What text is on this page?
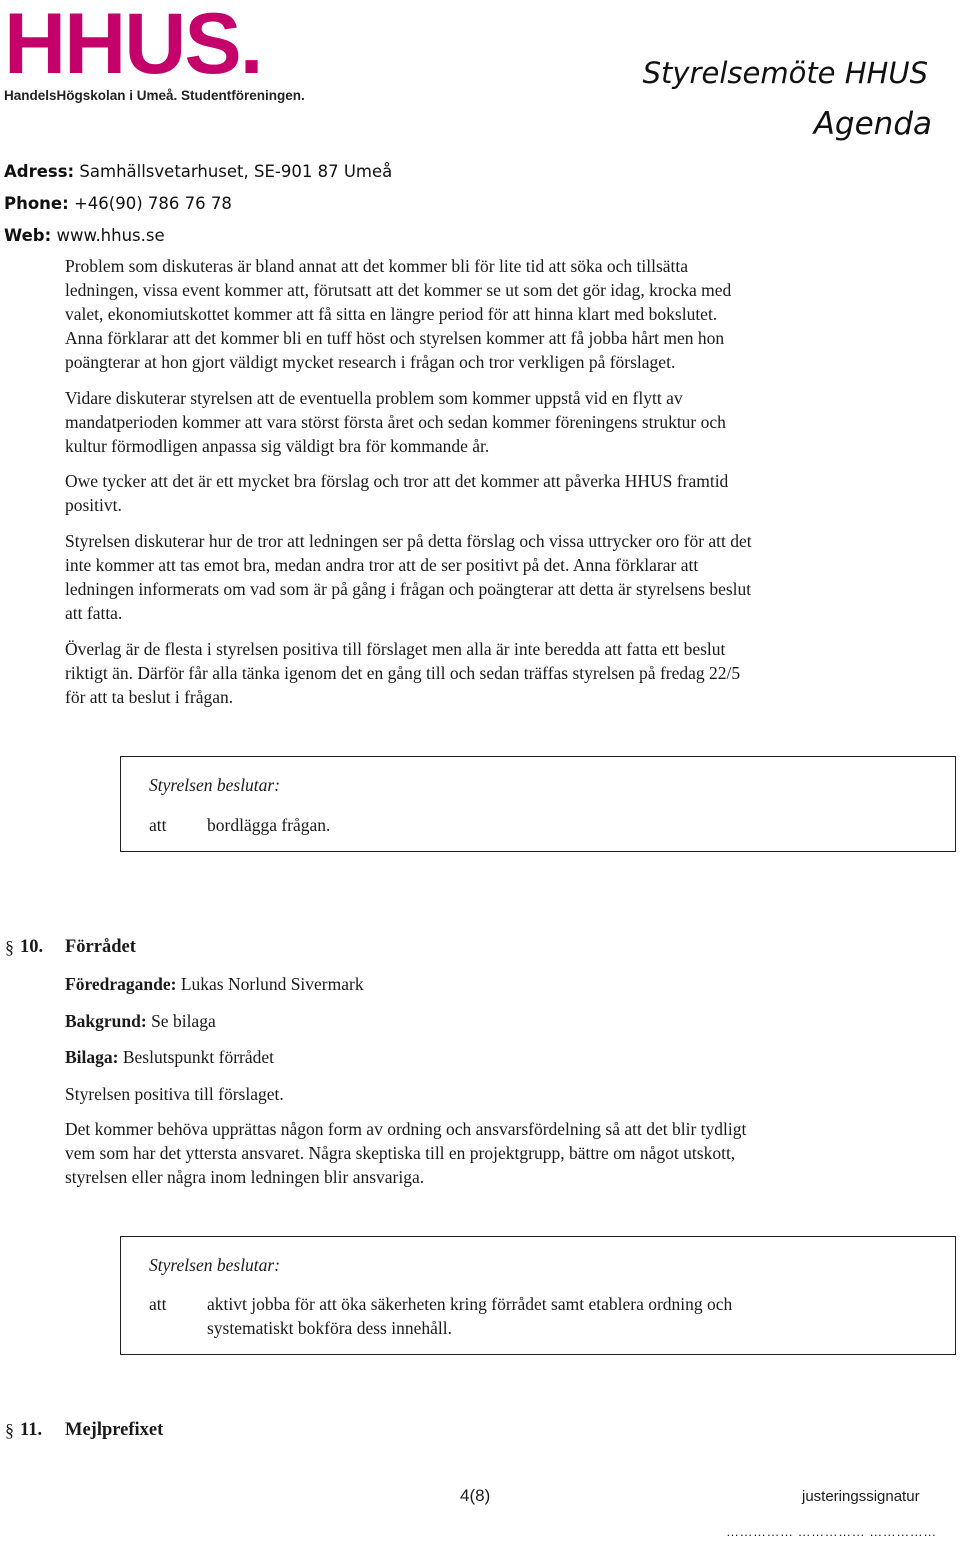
HHUS.
HandelsHögskolan i Umeå. Studentföreningen.
Styrelsemöte HHUS
Agenda
Adress: Samhällsvetarhuset, SE-901 87 Umeå
Phone: +46(90) 786 76 78
Web: www.hhus.se
Problem som diskuteras är bland annat att det kommer bli för lite tid att söka och tillsätta
ledningen, vissa event kommer att, förutsatt att det kommer se ut som det gör idag, krocka med
valet, ekonomiutskottet kommer att få sitta en längre period för att hinna klart med bokslutet.
Anna förklarar att det kommer bli en tuff höst och styrelsen kommer att få jobba hårt men hon
poängterar at hon gjort väldigt mycket research i frågan och tror verkligen på förslaget.
Vidare diskuterar styrelsen att de eventuella problem som kommer uppstå vid en flytt av
mandatperioden kommer att vara störst första året och sedan kommer föreningens struktur och
kultur förmodligen anpassa sig väldigt bra för kommande år.
Owe tycker att det är ett mycket bra förslag och tror att det kommer att påverka HHUS framtid
positivt.
Styrelsen diskuterar hur de tror att ledningen ser på detta förslag och vissa uttrycker oro för att det
inte kommer att tas emot bra, medan andra tror att de ser positivt på det. Anna förklarar att
ledningen informerats om vad som är på gång i frågan och poängterar att detta är styrelsens beslut
att fatta.
Överlag är de flesta i styrelsen positiva till förslaget men alla är inte beredda att fatta ett beslut
riktigt än. Därför får alla tänka igenom det en gång till och sedan träffas styrelsen på fredag 22/5
för att ta beslut i frågan.
Styrelsen beslutar:
att bordlägga frågan.
§ 10. Förrådet
Föredragande: Lukas Norlund Sivermark
Bakgrund: Se bilaga
Bilaga: Beslutspunkt förrådet
Styrelsen positiva till förslaget.
Det kommer behöva upprättas någon form av ordning och ansvarsfördelning så att det blir tydligt
vem som har det yttersta ansvaret. Några skeptiska till en projektgrupp, bättre om något utskott,
styrelsen eller några inom ledningen blir ansvariga.
Styrelsen beslutar:
att aktivt jobba för att öka säkerheten kring förrådet samt etablera ordning och
systematiskt bokföra dess innehåll.
§ 11. Mejlprefixet
4(8)	justeringssignatur
…………… …………… ……………
